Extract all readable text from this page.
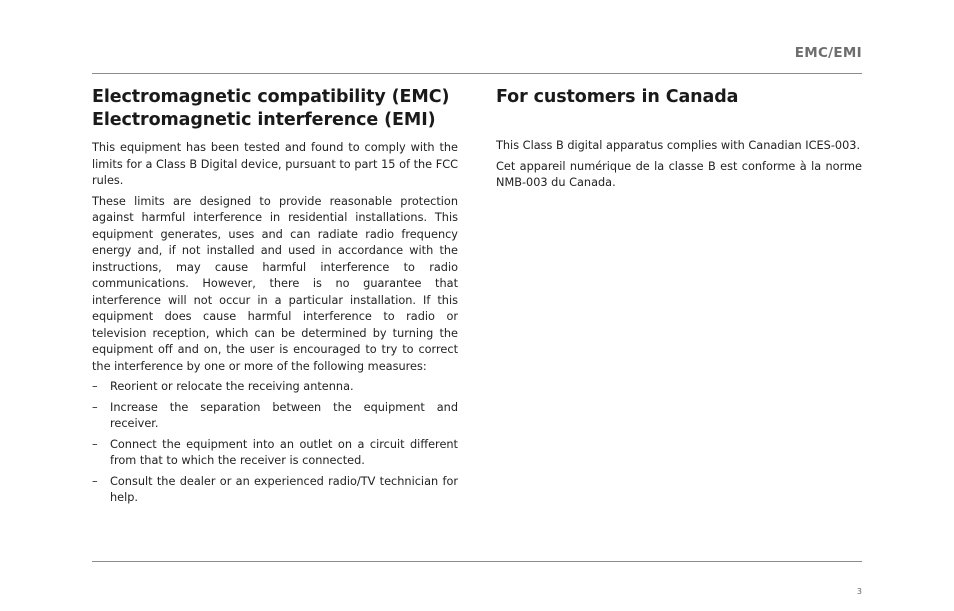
EMC/EMI
Electromagnetic compatibility (EMC)
Electromagnetic interference (EMI)

This equipment has been tested and found to comply with the limits for a Class B Digital device, pursuant to part 15 of the FCC rules.

These limits are designed to provide reasonable protection against harmful interference in residential installations. This equipment generates, uses and can radiate radio frequency energy and, if not installed and used in accordance with the instructions, may cause harmful interference to radio communications. However, there is no guarantee that interference will not occur in a particular installation. If this equipment does cause harmful interference to radio or television reception, which can be determined by turning the equipment off and on, the user is encouraged to try to correct the interference by one or more of the following measures:

– Reorient or relocate the receiving antenna.
– Increase the separation between the equipment and receiver.
– Connect the equipment into an outlet on a circuit different from that to which the receiver is connected.
– Consult the dealer or an experienced radio/TV technician for help.
For customers in Canada

This Class B digital apparatus complies with Canadian ICES-003.

Cet appareil numérique de la classe B est conforme à la norme NMB-003 du Canada.

3
